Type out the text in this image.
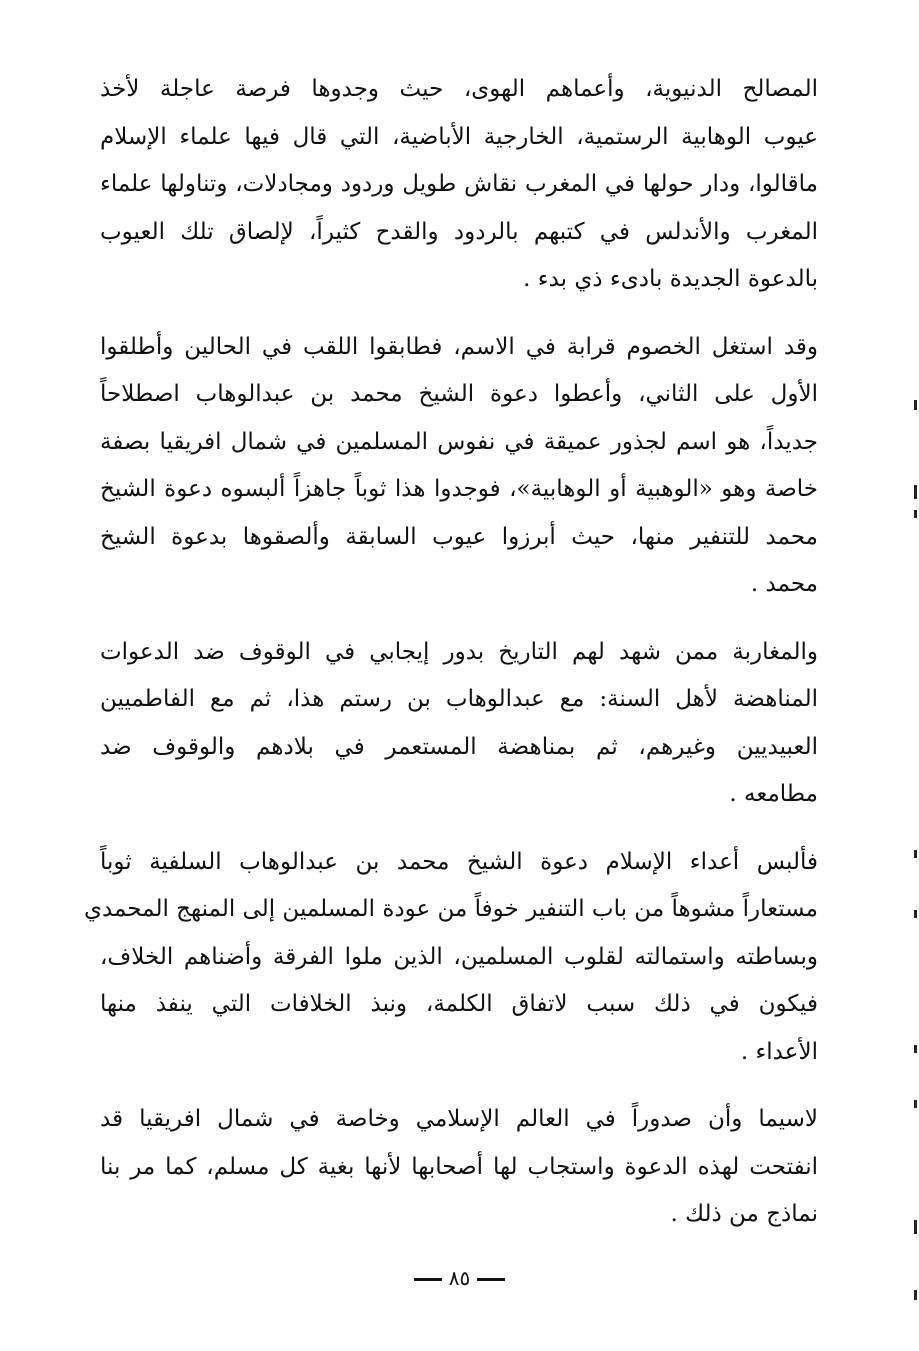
المصالح الدنيوية، وأعماهم الهوى، حيث وجدوها فرصة عاجلة لأخذ
عيوب الوهابية الرستمية، الخارجية الأباضية، التي قال فيها علماء الإسلام
ماقالوا، ودار حولها في المغرب نقاش طويل وردود ومجادلات، وتناولها علماء
المغرب والأندلس في كتبهم بالردود والقدح كثيراً، لإلصاق تلك العيوب
بالدعوة الجديدة بادىء ذي بدء .
وقد استغل الخصوم قرابة في الاسم، فطابقوا اللقب في الحالين وأطلقوا
الأول على الثاني، وأعطوا دعوة الشيخ محمد بن عبدالوهاب اصطلاحاً
جديداً، هو اسم لجذور عميقة في نفوس المسلمين في شمال افريقيا بصفة
خاصة وهو «الوهبية أو الوهابية»، فوجدوا هذا ثوباً جاهزاً ألبسوه دعوة الشيخ
محمد للتنفير منها، حيث أبرزوا عيوب السابقة وألصقوها بدعوة الشيخ
محمد .
والمغاربة ممن شهد لهم التاريخ بدور إيجابي في الوقوف ضد الدعوات
المناهضة لأهل السنة: مع عبدالوهاب بن رستم هذا، ثم مع الفاطميين
العبيديين وغيرهم، ثم بمناهضة المستعمر في بلادهم والوقوف ضد
مطامعه .
فألبس أعداء الإسلام دعوة الشيخ محمد بن عبدالوهاب السلفية ثوباً
مستعاراً مشوهاً من باب التنفير خوفاً من عودة المسلمين إلى المنهج المحمدي
وبساطته واستمالته لقلوب المسلمين، الذين ملوا الفرقة وأضناهم الخلاف،
فيكون في ذلك سبب لاتفاق الكلمة، ونبذ الخلافات التي ينفذ منها
الأعداء .
لاسيما وأن صدوراً في العالم الإسلامي وخاصة في شمال افريقيا قد
انفتحت لهذه الدعوة واستجاب لها أصحابها لأنها بغية كل مسلم، كما مر بنا
نماذج من ذلك .
٨٥
